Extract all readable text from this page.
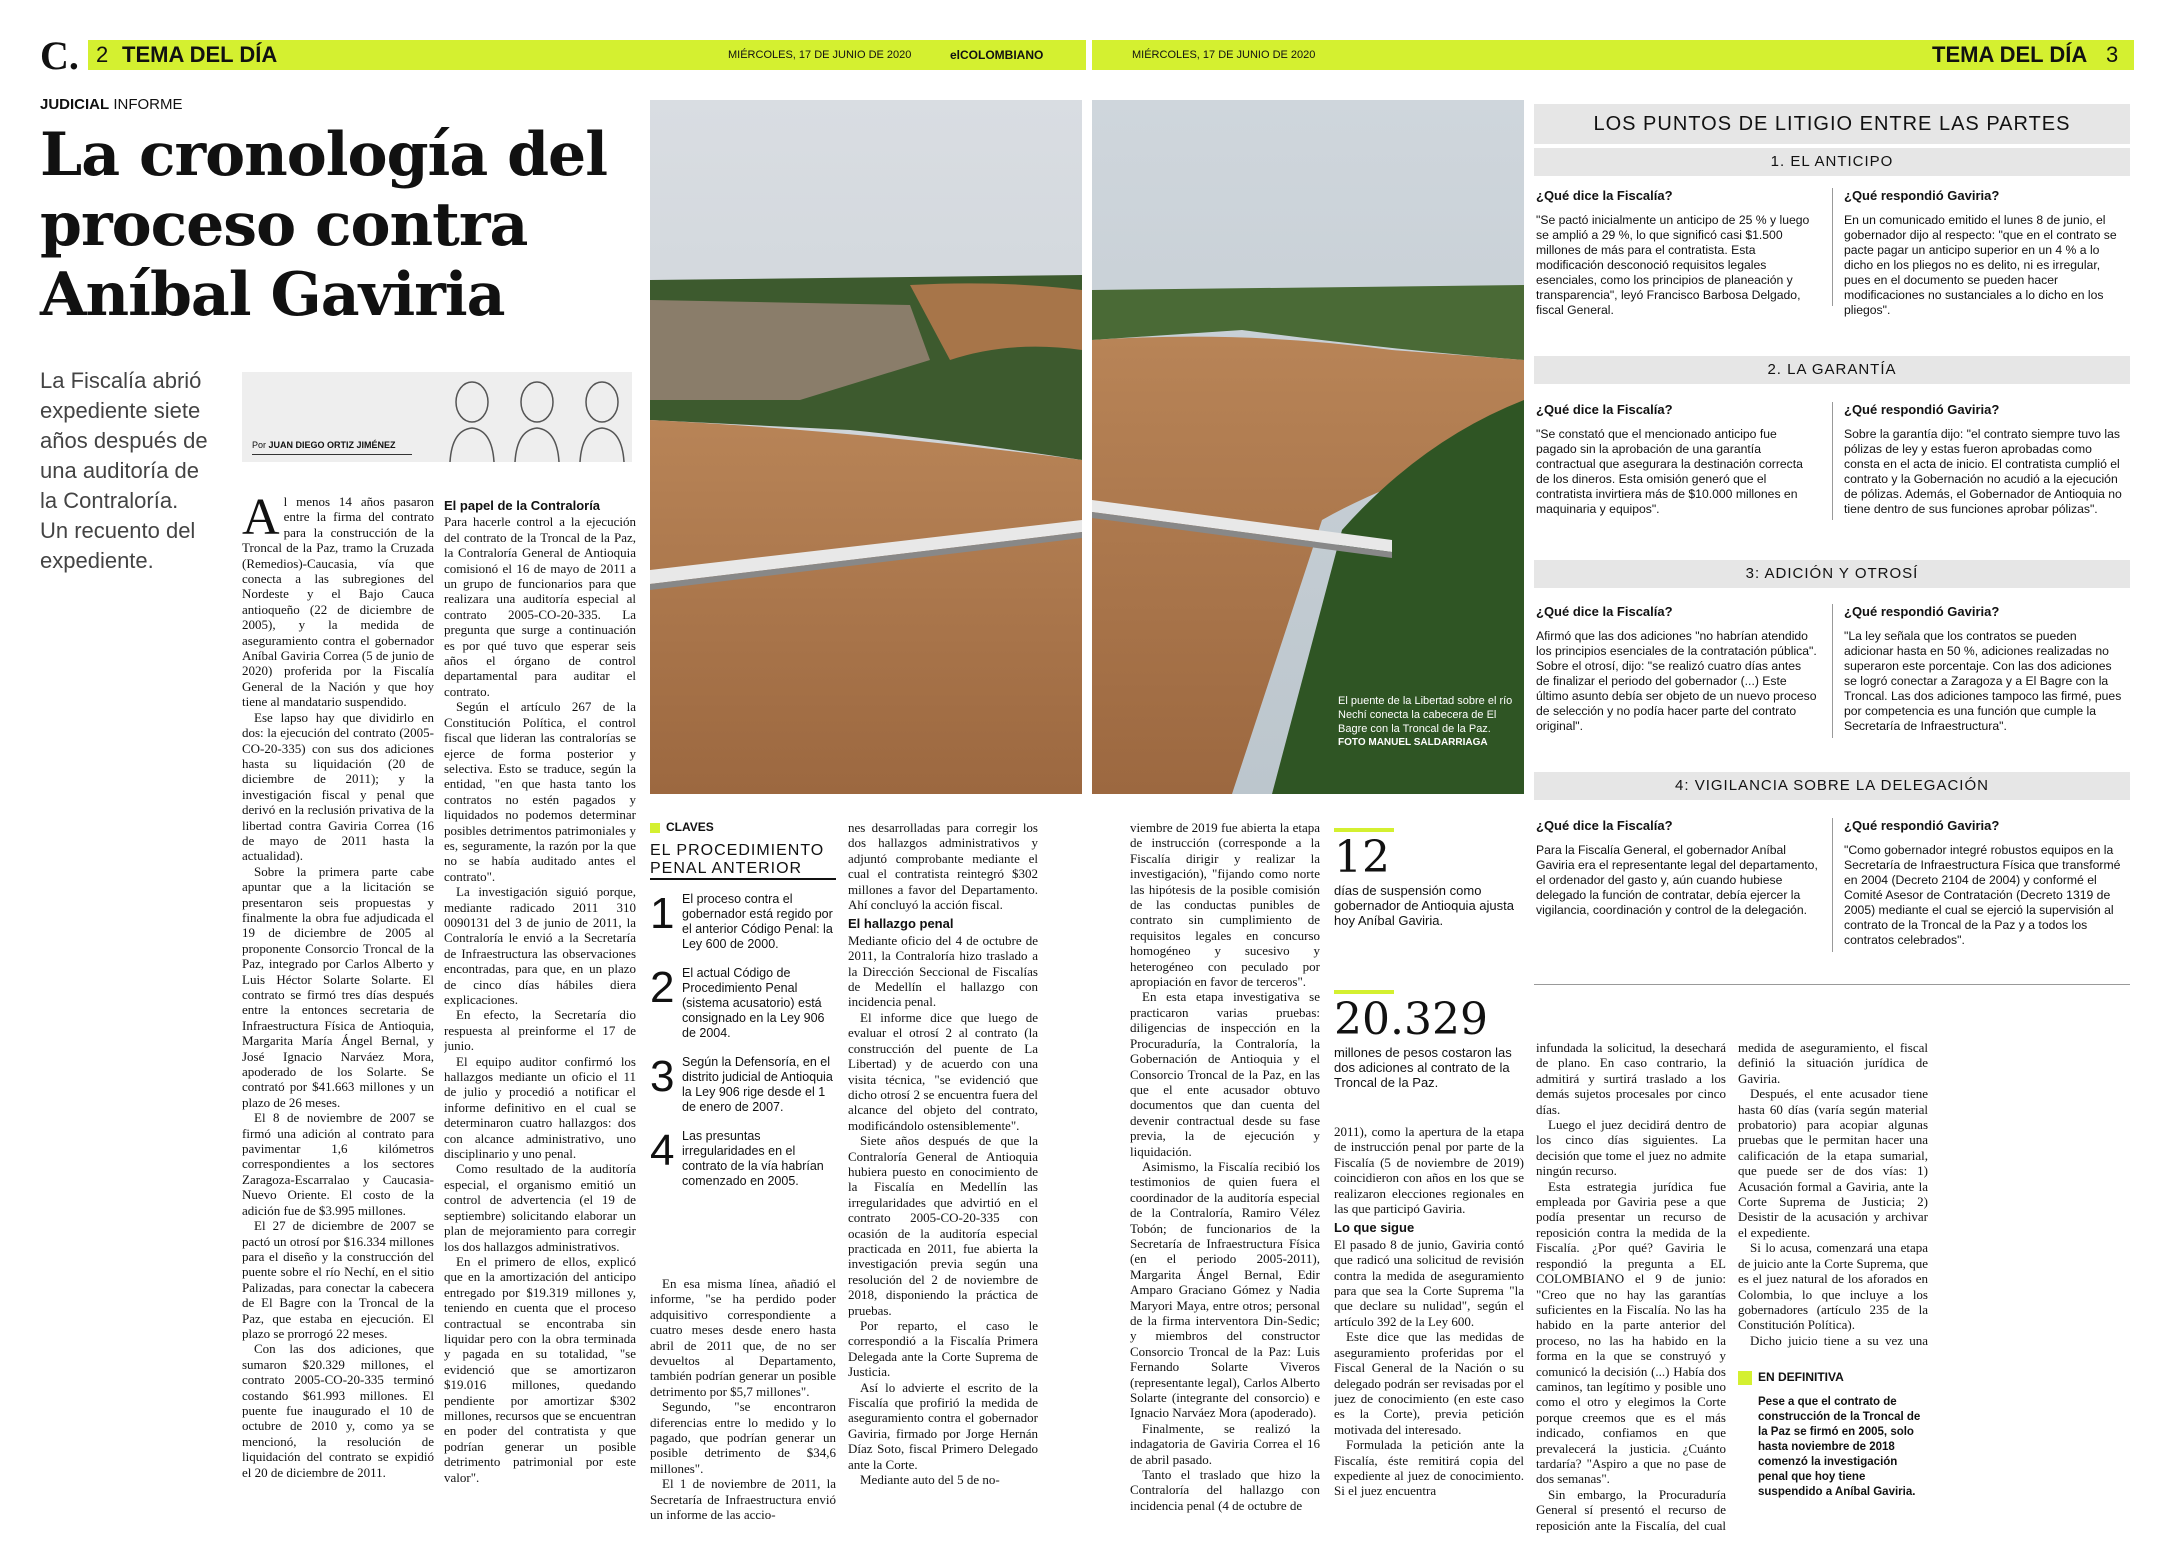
C. 2 TEMA DEL DÍA	MIÉRCOLES, 17 DE JUNIO DE 2020	elCOLOMBIANO	MIÉRCOLES, 17 DE JUNIO DE 2020	TEMA DEL DÍA 3
JUDICIAL INFORME
La cronología del
proceso contra
Aníbal Gaviria
La Fiscalía abrió
expediente siete
años después de
una auditoría de
la Contraloría.
Un recuento del
expediente.
Por JUAN DIEGO ORTIZ JIMÉNEZ

Al menos 14 años pasaron entre la firma del contrato para la construcción de la Troncal de la Paz, tramo la Cruzada (Remedios)-Caucasia, vía que conecta a las subregiones del Nordeste y el Bajo Cauca antioqueño (22 de diciembre de 2005), y la medida de aseguramiento contra el gobernador Aníbal Gaviria Correa (5 de junio de 2020) proferida por la Fiscalía General de la Nación y que hoy tiene al mandatario suspendido.

Ese lapso hay que dividirlo en dos: la ejecución del contrato (2005-CO-20-335) con sus dos adiciones hasta su liquidación (20 de diciembre de 2011); y la investigación fiscal y penal que derivó en la reclusión privativa de la libertad contra Gaviria Correa (16 de mayo de 2011 hasta la actualidad).

Sobre la primera parte cabe apuntar que a la licitación se presentaron seis propuestas y finalmente la obra fue adjudicada el 19 de diciembre de 2005 al proponente Consorcio Troncal de la Paz, integrado por Carlos Alberto y Luis Héctor Solarte Solarte. El contrato se firmó tres días después entre la entonces secretaria de Infraestructura Física de Antioquia, Margarita María Ángel Bernal, y José Ignacio Narváez Mora, apoderado de los Solarte. Se contrató por $41.663 millones y un plazo de 26 meses.

El 8 de noviembre de 2007 se firmó una adición al contrato para pavimentar 1,6 kilómetros correspondientes a los sectores Zaragoza-Escarralao y Caucasia-Nuevo Oriente. El costo de la adición fue de $3.995 millones.

El 27 de diciembre de 2007 se pactó un otrosí por $16.334 millones para el diseño y la construcción del puente sobre el río Nechí, en el sitio Palizadas, para conectar la cabecera de El Bagre con la Troncal de la Paz, que estaba en ejecución. El plazo se prorrogó 22 meses.

Con las dos adiciones, que sumaron $20.329 millones, el contrato 2005-CO-20-335 terminó costando $61.993 millones. El puente fue inaugurado el 10 de octubre de 2010 y, como ya se mencionó, la resolución de liquidación del contrato se expidió el 20 de diciembre de 2011.

El papel de la Contraloría

Para hacerle control a la ejecución del contrato de la Troncal de la Paz, la Contraloría General de Antioquia comisionó el 16 de mayo de 2011 a un grupo de funcionarios para que realizara una auditoría especial al contrato 2005-CO-20-335. La pregunta que surge a continuación es por qué tuvo que esperar seis años el órgano de control departamental para auditar el contrato.

Según el artículo 267 de la Constitución Política, el control fiscal que lideran las contralorías se ejerce de forma posterior y selectiva. Esto se traduce, según la entidad, "en que hasta tanto los contratos no estén pagados y liquidados no podemos determinar posibles detrimentos patrimoniales y es, seguramente, la razón por la que no se había auditado antes el contrato".

La investigación siguió porque, mediante radicado 2011 310 0090131 del 3 de junio de 2011, la Contraloría le envió a la Secretaría de Infraestructura las observaciones encontradas, para que, en un plazo de cinco días hábiles diera explicaciones.

En efecto, la Secretaría dio respuesta al preinforme el 17 de junio.

El equipo auditor confirmó los hallazgos mediante un oficio el 11 de julio y procedió a notificar el informe definitivo en el cual se determinaron cuatro hallazgos: dos con alcance administrativo, uno disciplinario y uno penal.

Como resultado de la auditoría especial, el organismo emitió un control de advertencia (el 19 de septiembre) solicitando elaborar un plan de mejoramiento para corregir los dos hallazgos administrativos.

En el primero de ellos, explicó que en la amortización del anticipo entregado por $19.319 millones y, teniendo en cuenta que el proceso contractual se encontraba sin liquidar pero con la obra terminada y pagada en su totalidad, "se evidenció que se amortizaron $19.016 millones, quedando pendiente por amortizar $302 millones, recursos que se encuentran en poder del contratista y que podrían generar un posible detrimento patrimonial por este valor".

El puente de la Libertad sobre el río Nechí conecta la cabecera de El Bagre con la Troncal de la Paz.
FOTO MANUEL SALDARRIAGA
CLAVES
EL PROCEDIMIENTO
PENAL ANTERIOR
1 El proceso contra el gobernador está regido por el anterior Código Penal: la Ley 600 de 2000.
2 El actual Código de Procedimiento Penal (sistema acusatorio) está consignado en la Ley 906 de 2004.
3 Según la Defensoría, en el distrito judicial de Antioquia la Ley 906 rige desde el 1 de enero de 2007.
4 Las presuntas irregularidades en el contrato de la vía habrían comenzado en 2005.

En esa misma línea, añadió el informe, "se ha perdido poder adquisitivo correspondiente a cuatro meses desde enero hasta abril de 2011 que, de no ser devueltos al Departamento, también podrían generar un posible detrimento por $5,7 millones".

Segundo, "se encontraron diferencias entre lo medido y lo pagado, que podrían generar un posible detrimento de $34,6 millones".

El 1 de noviembre de 2011, la Secretaría de Infraestructura envió un informe de las accio-

nes desarrolladas para corregir los dos hallazgos administrativos y adjuntó comprobante mediante el cual el contratista reintegró $302 millones a favor del Departamento. Ahí concluyó la acción fiscal.

El hallazgo penal

Mediante oficio del 4 de octubre de 2011, la Contraloría hizo traslado a la Dirección Seccional de Fiscalías de Medellín el hallazgo con incidencia penal.

El informe dice que luego de evaluar el otrosí 2 al contrato (la construcción del puente de La Libertad) y de acuerdo con una visita técnica, "se evidenció que dicho otrosí 2 se encuentra fuera del alcance del objeto del contrato, modificándolo ostensiblemente".

Siete años después de que la Contraloría General de Antioquia hubiera puesto en conocimiento de la Fiscalía en Medellín las irregularidades que advirtió en el contrato 2005-CO-20-335 con ocasión de la auditoría especial practicada en 2011, fue abierta la investigación previa según una resolución del 2 de noviembre de 2018, disponiendo la práctica de pruebas.

Por reparto, el caso le correspondió a la Fiscalía Primera Delegada ante la Corte Suprema de Justicia.

Así lo advierte el escrito de la Fiscalía que profirió la medida de aseguramiento contra el gobernador Gaviria, firmado por Jorge Hernán Díaz Soto, fiscal Primero Delegado ante la Corte.

Mediante auto del 5 de no-

viembre de 2019 fue abierta la etapa de instrucción (corresponde a la Fiscalía dirigir y realizar la investigación), "fijando como norte las hipótesis de la posible comisión de las conductas punibles de contrato sin cumplimiento de requisitos legales en concurso homogéneo y sucesivo y heterogéneo con peculado por apropiación en favor de terceros".

En esta etapa investigativa se practicaron varias pruebas: diligencias de inspección en la Procuraduría, la Contraloría, la Gobernación de Antioquia y el Consorcio Troncal de la Paz, en las que el ente acusador obtuvo documentos que dan cuenta del devenir contractual desde su fase previa, la de ejecución y liquidación.

Asimismo, la Fiscalía recibió los testimonios de quien fuera el coordinador de la auditoría especial de la Contraloría, Ramiro Vélez Tobón; de funcionarios de la Secretaría de Infraestructura Física (en el periodo 2005-2011), Margarita Ángel Bernal, Edir Amparo Graciano Gómez y Nadia Maryori Maya, entre otros; personal de la firma interventora Din-Sedic; y miembros del constructor Consorcio Troncal de la Paz: Luis Fernando Solarte Viveros (representante legal), Carlos Alberto Solarte (integrante del consorcio) e Ignacio Narváez Mora (apoderado).

Finalmente, se realizó la indagatoria de Gaviria Correa el 16 de abril pasado.

Tanto el traslado que hizo la Contraloría del hallazgo con incidencia penal (4 de octubre de

12
días de suspensión como gobernador de Antioquia ajusta hoy Aníbal Gaviria.
20.329
millones de pesos costaron las dos adiciones al contrato de la Troncal de la Paz.

2011), como la apertura de la etapa de instrucción penal por parte de la Fiscalía (5 de noviembre de 2019) coincidieron con años en los que se realizaron elecciones regionales en las que participó Gaviria.

Lo que sigue

El pasado 8 de junio, Gaviria contó que radicó una solicitud de revisión contra la medida de aseguramiento para que sea la Corte Suprema "la que declare su nulidad", según el artículo 392 de la Ley 600.

Este dice que las medidas de aseguramiento proferidas por el Fiscal General de la Nación o su delegado podrán ser revisadas por el juez de conocimiento (en este caso es la Corte), previa petición motivada del interesado.

Formulada la petición ante la Fiscalía, éste remitirá copia del expediente al juez de conocimiento. Si el juez encuentra

infundada la solicitud, la desechará de plano. En caso contrario, la admitirá y surtirá traslado a los demás sujetos procesales por cinco días.

Luego el juez decidirá dentro de los cinco días siguientes. La decisión que tome el juez no admite ningún recurso.

Esta estrategia jurídica fue empleada por Gaviria pese a que podía presentar un recurso de reposición contra la medida de la Fiscalía. ¿Por qué? Gaviria le respondió la pregunta a EL COLOMBIANO el 9 de junio: "Creo que no hay las garantías suficientes en la Fiscalía. No las ha habido en la parte anterior del proceso, no las ha habido en la forma en la que se construyó y comunicó la decisión (...) Había dos caminos, tan legítimo y posible uno como el otro y elegimos la Corte porque creemos que es el más indicado, confiamos en que prevalecerá la justicia. ¿Cuánto tardaría? "Aspiro a que no pase de dos semanas".

Sin embargo, la Procuraduría General sí presentó el recurso de reposición ante la Fiscalía, del cual

medida de aseguramiento, el fiscal definió la situación jurídica de Gaviria.

Después, el ente acusador tiene hasta 60 días (varía según material probatorio) para acopiar algunas pruebas que le permitan hacer una calificación de la etapa sumarial, que puede ser de dos vías: 1) Acusación formal a Gaviria, ante la Corte Suprema de Justicia; 2) Desistir de la acusación y archivar el expediente.

Si lo acusa, comenzará una etapa de juicio ante la Corte Suprema, que es el juez natural de los aforados en Colombia, lo que incluye a los gobernadores (artículo 235 de la Constitución Política).

Dicho juicio tiene a su vez una

EN DEFINITIVA
Pese a que el contrato de construcción de la Troncal de la Paz se firmó en 2005, solo hasta noviembre de 2018 comenzó la investigación penal que hoy tiene suspendido a Aníbal Gaviria.
LOS PUNTOS DE LITIGIO ENTRE LAS PARTES
1. EL ANTICIPO
¿Qué dice la Fiscalía?
"Se pactó inicialmente un anticipo de 25 % y luego se amplió a 29 %, lo que significó casi $1.500 millones de más para el contratista. Esta modificación desconoció requisitos legales esenciales, como los principios de planeación y transparencia", leyó Francisco Barbosa Delgado, fiscal General.
¿Qué respondió Gaviria?
En un comunicado emitido el lunes 8 de junio, el gobernador dijo al respecto: "que en el contrato se pacte pagar un anticipo superior en un 4 % a lo dicho en los pliegos no es delito, ni es irregular, pues en el documento se pueden hacer modificaciones no sustanciales a lo dicho en los pliegos".
2. LA GARANTÍA
¿Qué dice la Fiscalía?
"Se constató que el mencionado anticipo fue pagado sin la aprobación de una garantía contractual que asegurara la destinación correcta de los dineros. Esta omisión generó que el contratista invirtiera más de $10.000 millones en maquinaria y equipos".
¿Qué respondió Gaviria?
Sobre la garantía dijo: "el contrato siempre tuvo las pólizas de ley y estas fueron aprobadas como consta en el acta de inicio. El contratista cumplió el contrato y la Gobernación no acudió a la ejecución de pólizas. Además, el Gobernador de Antioquia no tiene dentro de sus funciones aprobar pólizas".
3: ADICIÓN Y OTROSÍ
¿Qué dice la Fiscalía?
Afirmó que las dos adiciones "no habrían atendido los principios esenciales de la contratación pública". Sobre el otrosí, dijo: "se realizó cuatro días antes de finalizar el periodo del gobernador (...) Este último asunto debía ser objeto de un nuevo proceso de selección y no podía hacer parte del contrato original".
¿Qué respondió Gaviria?
"La ley señala que los contratos se pueden adicionar hasta en 50 %, adiciones realizadas no superaron este porcentaje. Con las dos adiciones se logró conectar a Zaragoza y a El Bagre con la Troncal. Las dos adiciones tampoco las firmé, pues por competencia es una función que cumple la Secretaría de Infraestructura".
4: VIGILANCIA SOBRE LA DELEGACIÓN
¿Qué dice la Fiscalía?
Para la Fiscalía General, el gobernador Aníbal Gaviria era el representante legal del departamento, el ordenador del gasto y, aún cuando hubiese delegado la función de contratar, debía ejercer la vigilancia, coordinación y control de la delegación.
¿Qué respondió Gaviria?
"Como gobernador integré robustos equipos en la Secretaría de Infraestructura Física que transformé en 2004 (Decreto 2104 de 2004) y conformé el Comité Asesor de Contratación (Decreto 1319 de 2005) mediante el cual se ejerció la supervisión al contrato de la Troncal de la Paz y a todos los contratos celebrados".
